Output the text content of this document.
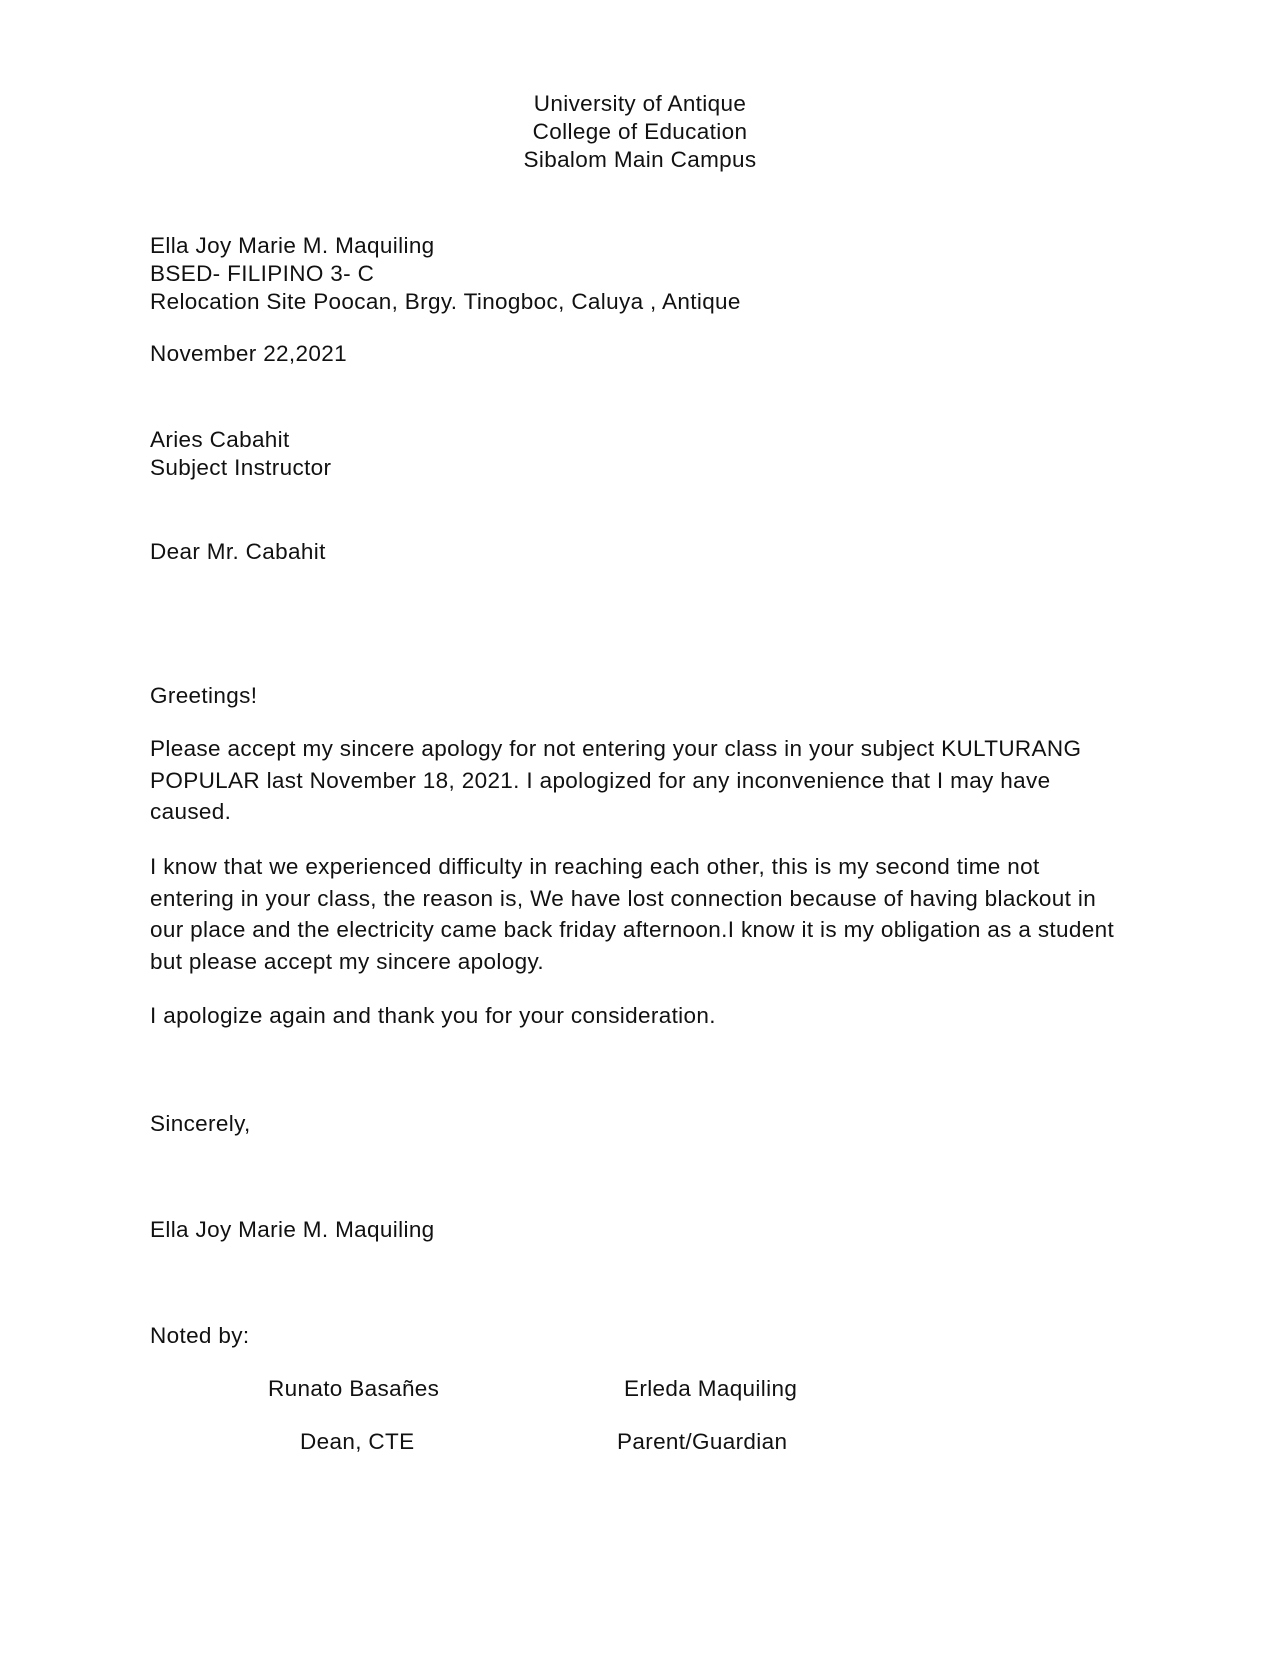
University of Antique
College of Education
Sibalom Main Campus
Ella Joy Marie M. Maquiling
BSED- FILIPINO 3- C
Relocation Site Poocan, Brgy. Tinogboc, Caluya , Antique
November 22,2021
Aries Cabahit
Subject Instructor
Dear Mr. Cabahit
Greetings!
Please accept my sincere apology for not entering your class in your subject KULTURANG POPULAR last November 18, 2021. I apologized for any inconvenience that I may have caused.
I know that we experienced difficulty in reaching each other, this is my second time not entering in your class, the reason is, We have lost connection because of having blackout in our place and the electricity came back friday afternoon.I know it is my obligation as a student but please accept my sincere apology.
I apologize again and thank you for your consideration.
Sincerely,
Ella Joy Marie M. Maquiling
Noted by:
Runato Basañes	Erleda Maquiling
Dean, CTE	Parent/Guardian
